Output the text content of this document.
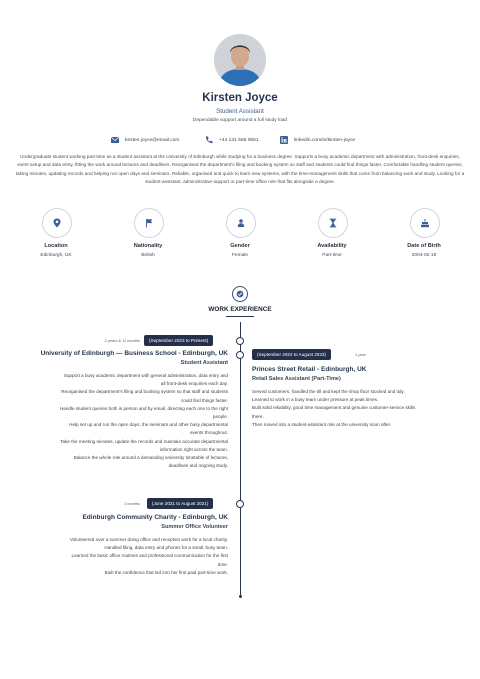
Kirsten Joyce
Student Assistant
Dependable support around a full study load
kirsten.joyce@email.com	+44 131 555 0551	linkedin.com/in/kirsten-joyce
Undergraduate student working part-time as a student assistant at the University of Edinburgh while studying for a business degree. Supports a busy academic department with administration, front-desk enquiries, event setup and data entry, fitting the work around lectures and deadlines. Reorganised the department's filing and booking system so staff and students could find things faster. Comfortable handling student queries, taking minutes, updating records and helping run open days and seminars. Reliable, organised and quick to learn new systems, with the time-management skills that come from balancing work and study. Looking for a student-assistant, administrative-support or part-time office role that fits alongside a degree.
Location
Edinburgh, UK
Nationality
British
Gender
Female
Availability
Part-time
Date of Birth
2004-02-18
WORK EXPERIENCE
2 years & 11 months	(September 2023 to Present)
University of Edinburgh — Business School - Edinburgh, UK
Student Assistant
Support a busy academic department with general administration, data entry and
all front-desk enquiries each day.
Reorganised the department's filing and booking system so that staff and students
could find things faster.
Handle student queries both in person and by email, directing each one to the right
people.
Help set up and run the open days, the seminars and other busy departmental
events throughout.
Take the meeting minutes, update the records and maintain accurate departmental
information right across the team.
Balance the whole role around a demanding university timetable of lectures,
deadlines and ongoing study.
(September 2022 to August 2023)	1 year
Princes Street Retail - Edinburgh, UK
Retail Sales Assistant (Part-Time)
Served customers, handled the till and kept the shop floor stocked and tidy.
Learned to work in a busy team under pressure at peak times.
Built solid reliability, good time management and genuine customer-service skills
there.
Then moved into a student-assistant role at the university soon after.
3 months	(June 2021 to August 2021)
Edinburgh Community Charity - Edinburgh, UK
Summer Office Volunteer
Volunteered over a summer doing office and reception work for a local charity.
Handled filing, data entry and phones for a small, busy team.
Learned the basic office routines and professional communication for the first
time.
Built the confidence that led into her first paid part-time work.
